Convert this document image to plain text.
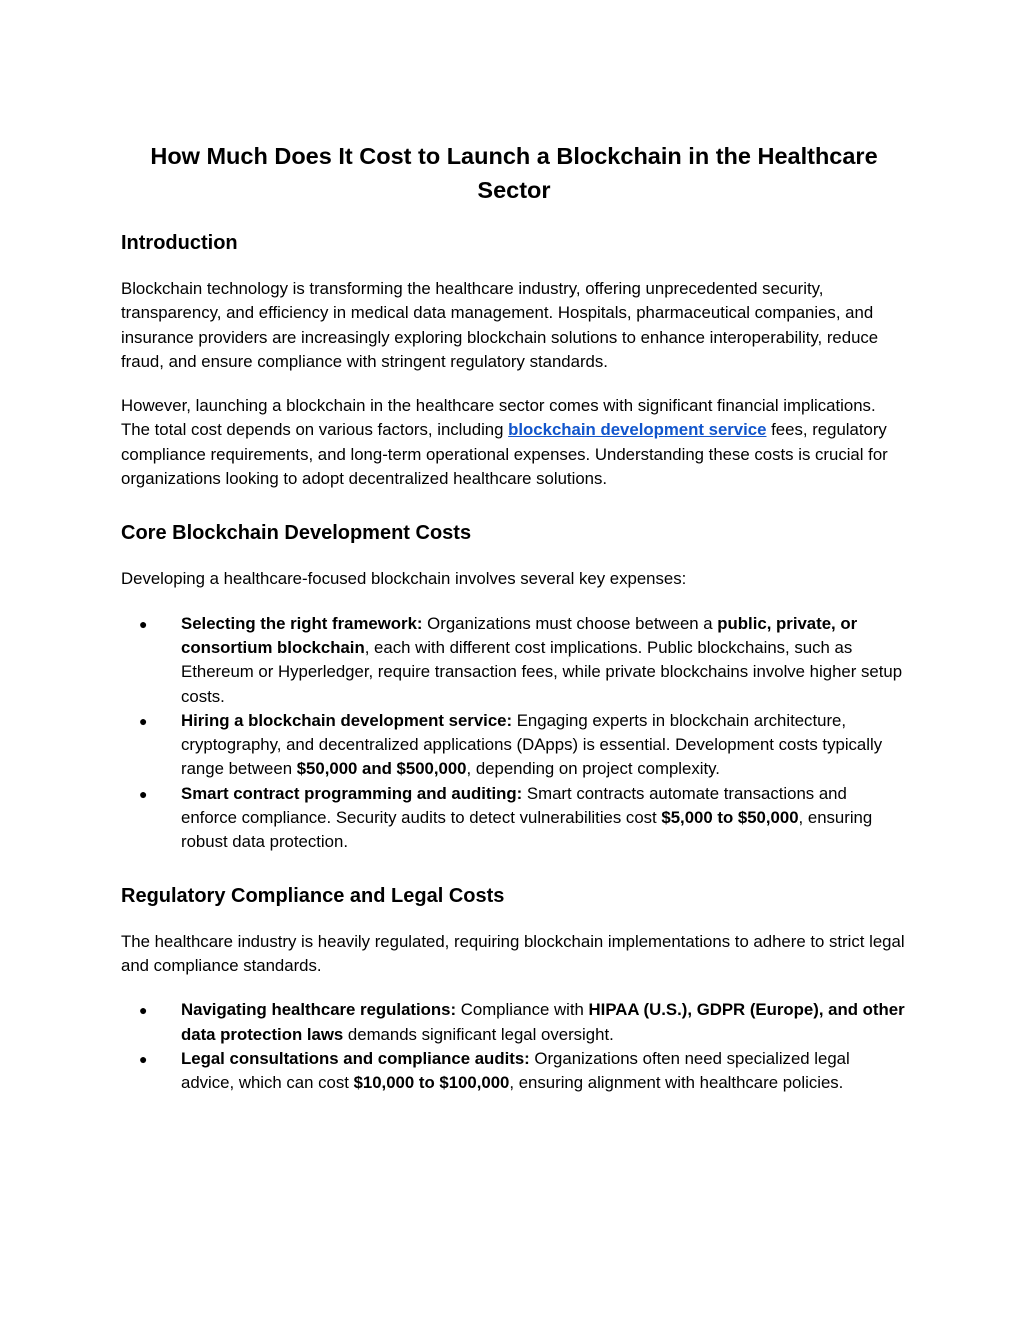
How Much Does It Cost to Launch a Blockchain in the Healthcare Sector
Introduction

Blockchain technology is transforming the healthcare industry, offering unprecedented security, transparency, and efficiency in medical data management. Hospitals, pharmaceutical companies, and insurance providers are increasingly exploring blockchain solutions to enhance interoperability, reduce fraud, and ensure compliance with stringent regulatory standards.

However, launching a blockchain in the healthcare sector comes with significant financial implications. The total cost depends on various factors, including blockchain development service fees, regulatory compliance requirements, and long-term operational expenses. Understanding these costs is crucial for organizations looking to adopt decentralized healthcare solutions.

Core Blockchain Development Costs

Developing a healthcare-focused blockchain involves several key expenses:

● Selecting the right framework: Organizations must choose between a public, private, or consortium blockchain, each with different cost implications. Public blockchains, such as Ethereum or Hyperledger, require transaction fees, while private blockchains involve higher setup costs.
● Hiring a blockchain development service: Engaging experts in blockchain architecture, cryptography, and decentralized applications (DApps) is essential. Development costs typically range between $50,000 and $500,000, depending on project complexity.
● Smart contract programming and auditing: Smart contracts automate transactions and enforce compliance. Security audits to detect vulnerabilities cost $5,000 to $50,000, ensuring robust data protection.
Regulatory Compliance and Legal Costs

The healthcare industry is heavily regulated, requiring blockchain implementations to adhere to strict legal and compliance standards.

● Navigating healthcare regulations: Compliance with HIPAA (U.S.), GDPR (Europe), and other data protection laws demands significant legal oversight.
● Legal consultations and compliance audits: Organizations often need specialized legal advice, which can cost $10,000 to $100,000, ensuring alignment with healthcare policies.
